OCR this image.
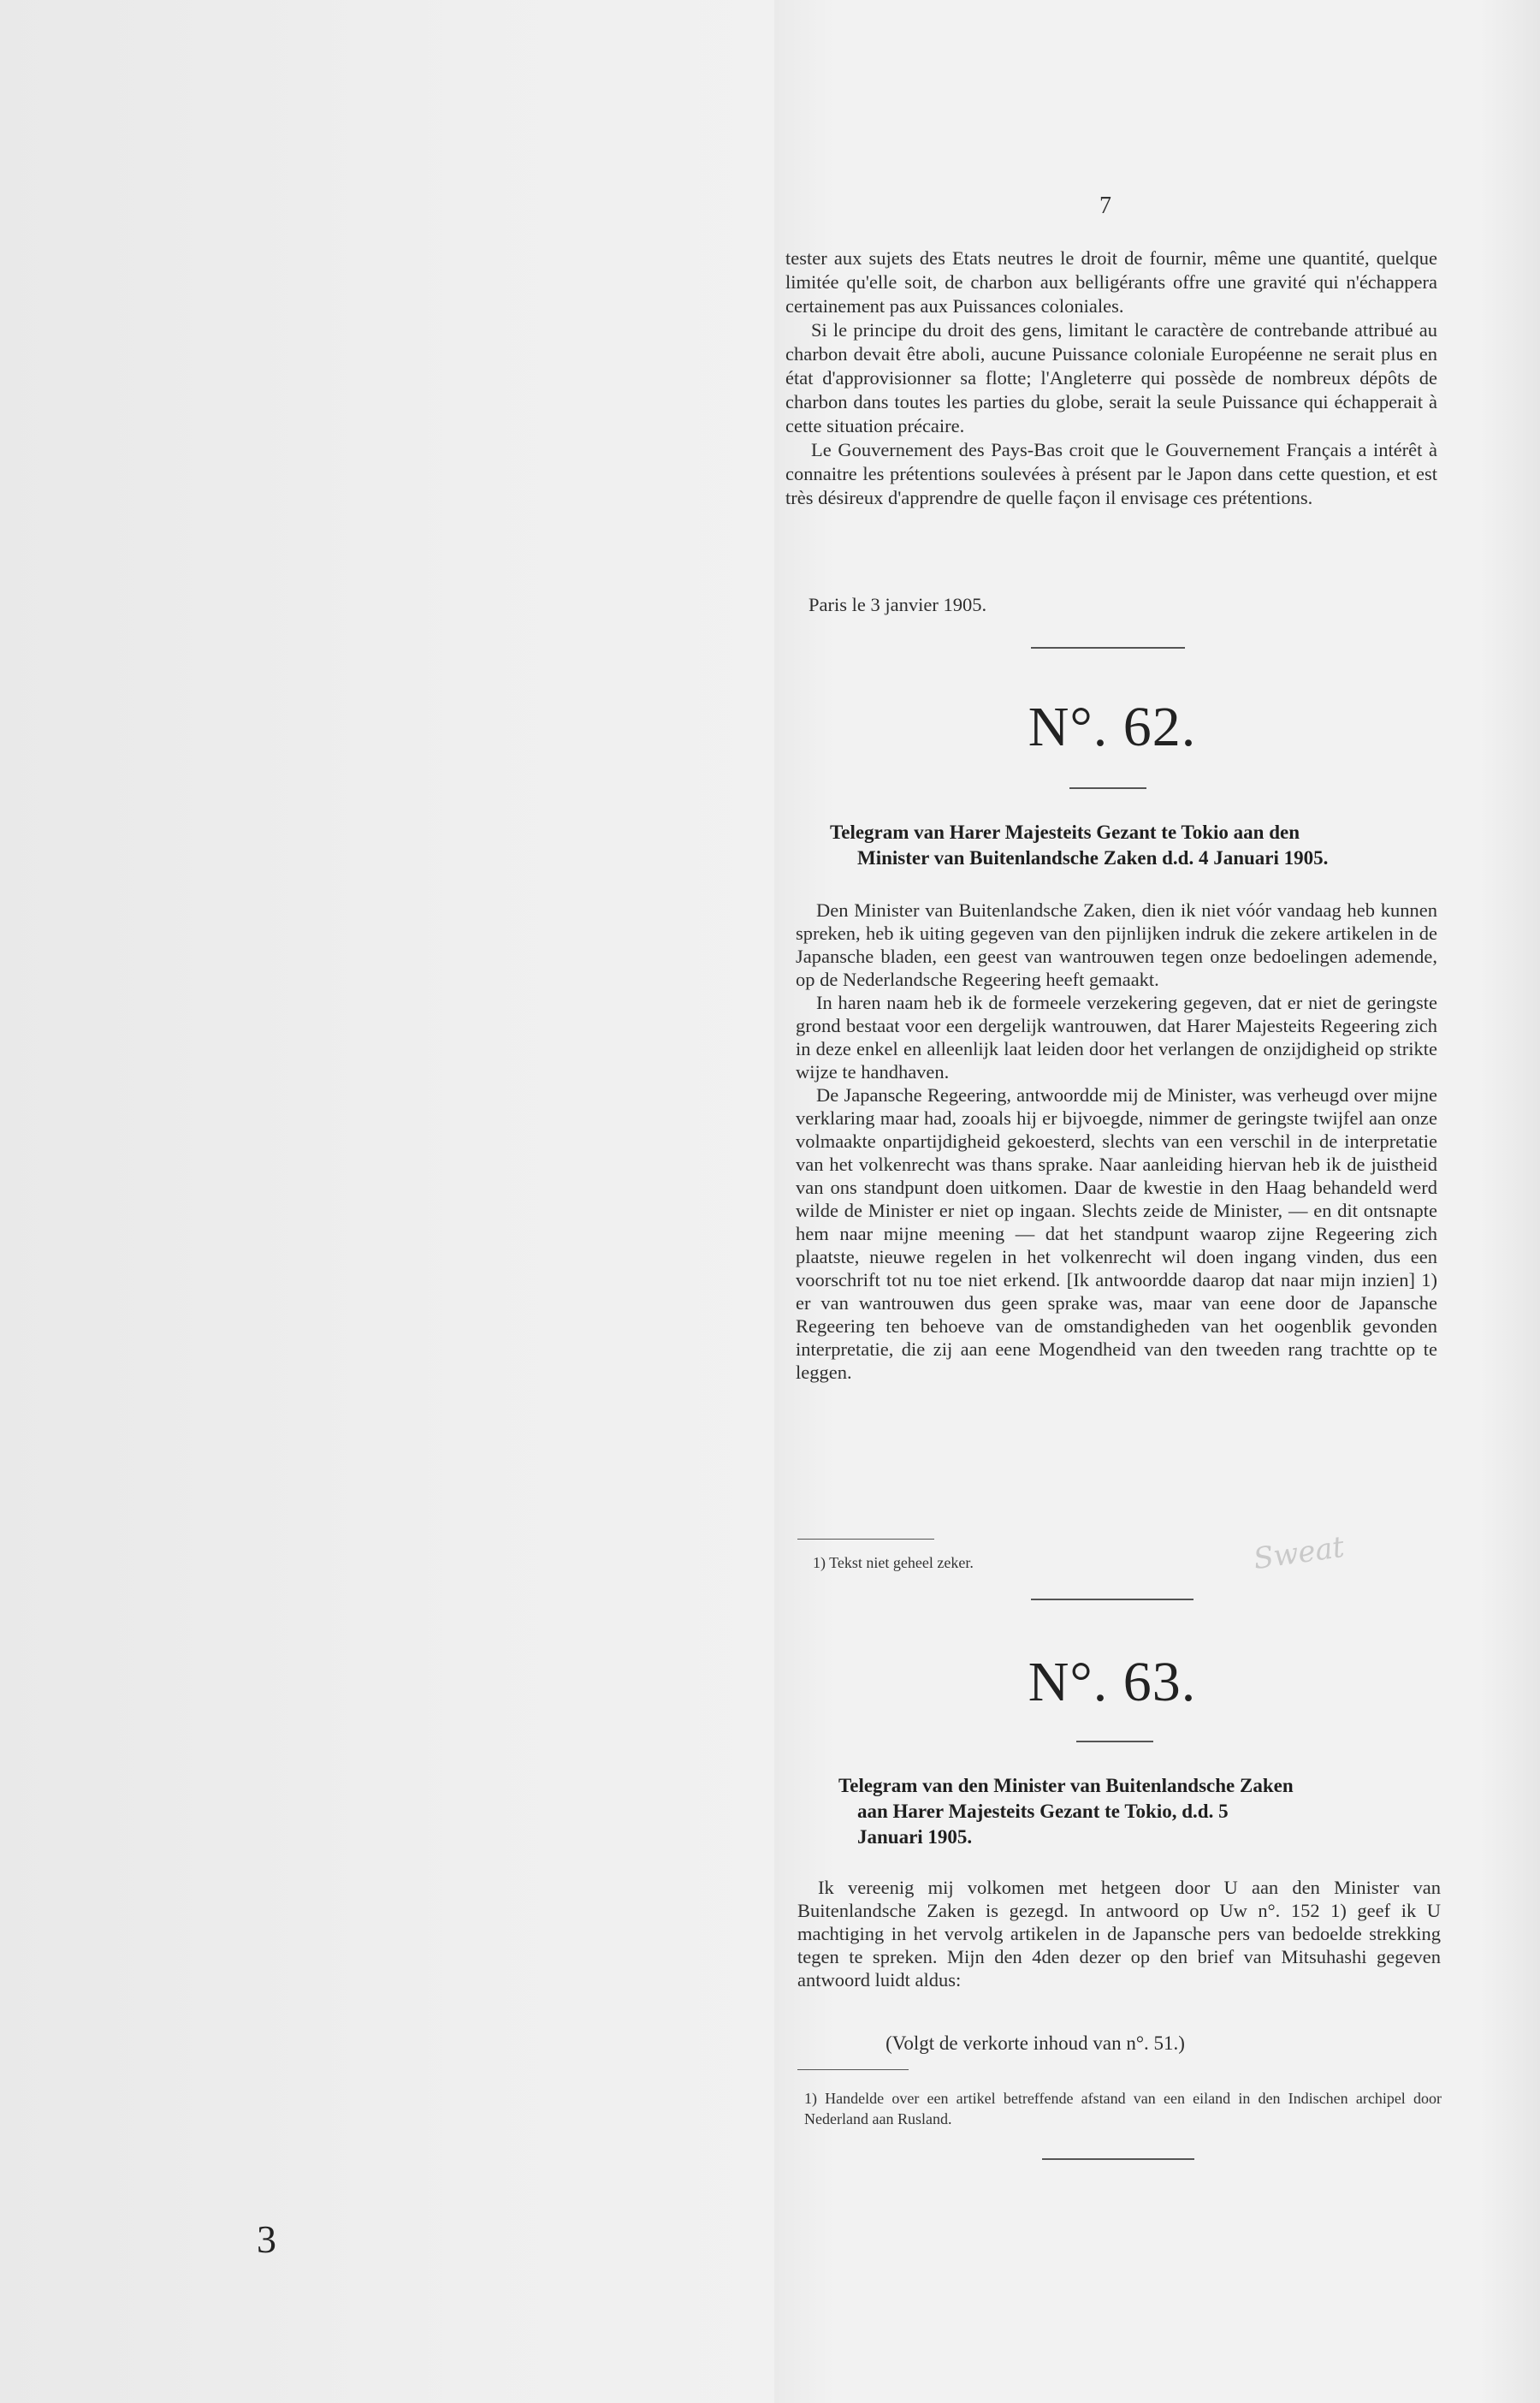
3
7

tester aux sujets des Etats neutres le droit de fournir, même une quantité, quelque limitée qu'elle soit, de charbon aux belligérants offre une gravité qui n'échappera certainement pas aux Puissances coloniales.

Si le principe du droit des gens, limitant le caractère de contrebande attribué au charbon devait être aboli, aucune Puissance coloniale Européenne ne serait plus en état d'approvisionner sa flotte; l'Angleterre qui possède de nombreux dépôts de charbon dans toutes les parties du globe, serait la seule Puissance qui échapperait à cette situation précaire.

Le Gouvernement des Pays-Bas croit que le Gouvernement Français a intérêt à connaitre les prétentions soulevées à présent par le Japon dans cette question, et est très désireux d'apprendre de quelle façon il envisage ces prétentions.

Paris le 3 janvier 1905.
N°. 62.
Telegram van Harer Majesteits Gezant te Tokio aan den
Minister van Buitenlandsche Zaken d.d. 4 Januari 1905.

Den Minister van Buitenlandsche Zaken, dien ik niet vóór vandaag heb kunnen spreken, heb ik uiting gegeven van den pijnlijken indruk die zekere artikelen in de Japansche bladen, een geest van wantrouwen tegen onze bedoelingen ademende, op de Nederlandsche Regeering heeft gemaakt.

In haren naam heb ik de formeele verzekering gegeven, dat er niet de geringste grond bestaat voor een dergelijk wantrouwen, dat Harer Majesteits Regeering zich in deze enkel en alleenlijk laat leiden door het verlangen de onzijdigheid op strikte wijze te handhaven.

De Japansche Regeering, antwoordde mij de Minister, was verheugd over mijne verklaring maar had, zooals hij er bijvoegde, nimmer de geringste twijfel aan onze volmaakte onpartijdigheid gekoesterd, slechts van een verschil in de interpretatie van het volkenrecht was thans sprake. Naar aanleiding hiervan heb ik de juistheid van ons standpunt doen uitkomen. Daar de kwestie in den Haag behandeld werd wilde de Minister er niet op ingaan. Slechts zeide de Minister, — en dit ontsnapte hem naar mijne meening — dat het standpunt waarop zijne Regeering zich plaatste, nieuwe regelen in het volkenrecht wil doen ingang vinden, dus een voorschrift tot nu toe niet erkend. [Ik antwoordde daarop dat naar mijn inzien] 1) er van wantrouwen dus geen sprake was, maar van eene door de Japansche Regeering ten behoeve van de omstandigheden van het oogenblik gevonden interpretatie, die zij aan eene Mogendheid van den tweeden rang trachtte op te leggen.

1) Tekst niet geheel zeker.	Sweat
N°. 63.
Telegram van den Minister van Buitenlandsche Zaken
aan Harer Majesteits Gezant te Tokio, d.d. 5
Januari 1905.

Ik vereenig mij volkomen met hetgeen door U aan den Minister van Buitenlandsche Zaken is gezegd. In antwoord op Uw n°. 152 1) geef ik U machtiging in het vervolg artikelen in de Japansche pers van bedoelde strekking tegen te spreken. Mijn den 4den dezer op den brief van Mitsuhashi gegeven antwoord luidt aldus:

(Volgt de verkorte inhoud van n°. 51.)
1) Handelde over een artikel betreffende afstand van een eiland in den Indischen archipel door Nederland aan Rusland.
